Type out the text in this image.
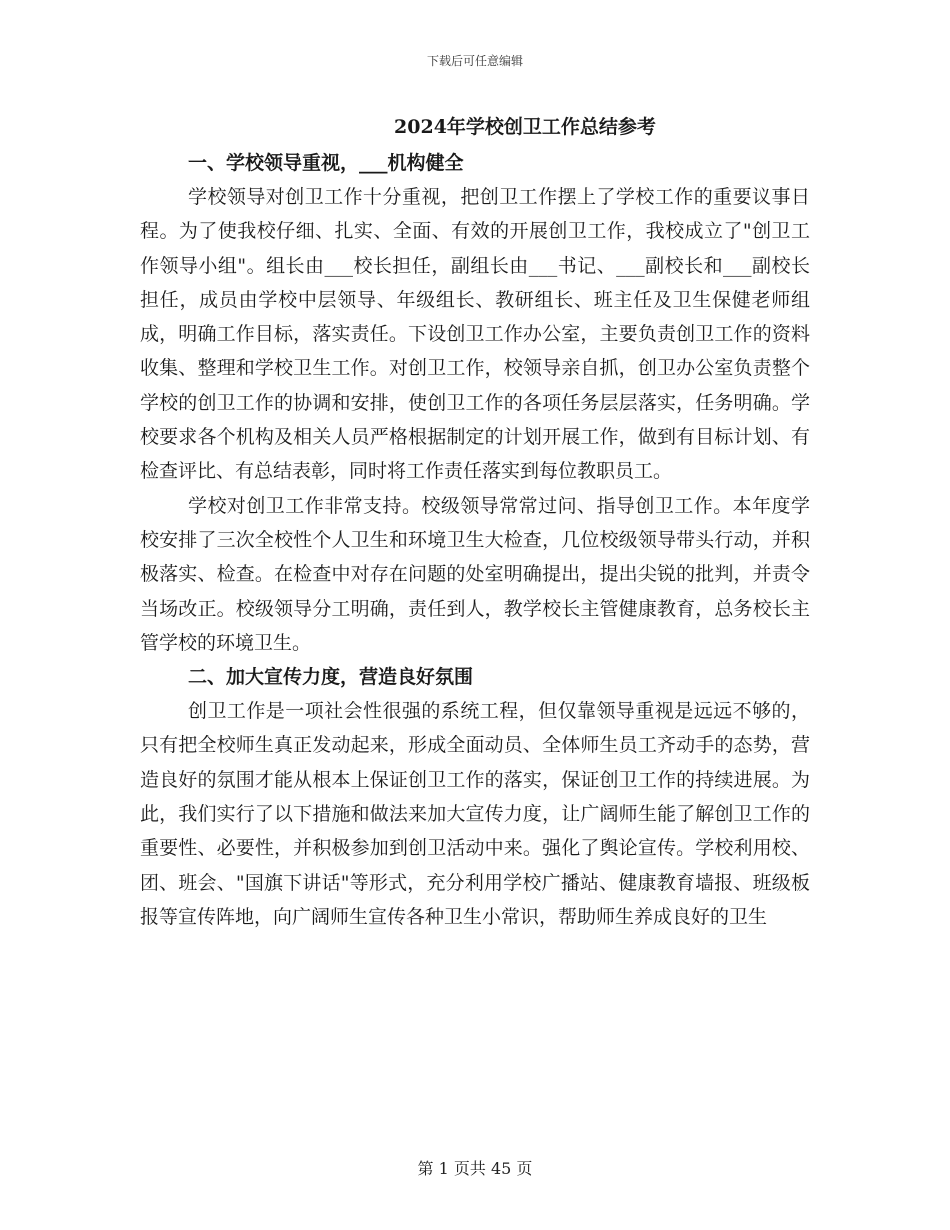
下载后可任意编辑
2024年学校创卫工作总结参考
一、学校领导重视，___机构健全

学校领导对创卫工作十分重视，把创卫工作摆上了学校工作的重要议事日程。为了使我校仔细、扎实、全面、有效的开展创卫工作，我校成立了"创卫工作领导小组"。组长由___校长担任，副组长由___书记、___副校长和___副校长担任，成员由学校中层领导、年级组长、教研组长、班主任及卫生保健老师组成，明确工作目标，落实责任。下设创卫工作办公室，主要负责创卫工作的资料收集、整理和学校卫生工作。对创卫工作，校领导亲自抓，创卫办公室负责整个学校的创卫工作的协调和安排，使创卫工作的各项任务层层落实，任务明确。学校要求各个机构及相关人员严格根据制定的计划开展工作，做到有目标计划、有检查评比、有总结表彰，同时将工作责任落实到每位教职员工。

学校对创卫工作非常支持。校级领导常常过问、指导创卫工作。本年度学校安排了三次全校性个人卫生和环境卫生大检查，几位校级领导带头行动，并积极落实、检查。在检查中对存在问题的处室明确提出，提出尖锐的批判，并责令当场改正。校级领导分工明确，责任到人，教学校长主管健康教育，总务校长主管学校的环境卫生。

二、加大宣传力度，营造良好氛围

创卫工作是一项社会性很强的系统工程，但仅靠领导重视是远远不够的，只有把全校师生真正发动起来，形成全面动员、全体师生员工齐动手的态势，营造良好的氛围才能从根本上保证创卫工作的落实，保证创卫工作的持续进展。为此，我们实行了以下措施和做法来加大宣传力度，让广阔师生能了解创卫工作的重要性、必要性，并积极参加到创卫活动中来。强化了舆论宣传。学校利用校、团、班会、"国旗下讲话"等形式，充分利用学校广播站、健康教育墙报、班级板报等宣传阵地，向广阔师生宣传各种卫生小常识，帮助师生养成良好的卫生

第 1 页共 45 页
